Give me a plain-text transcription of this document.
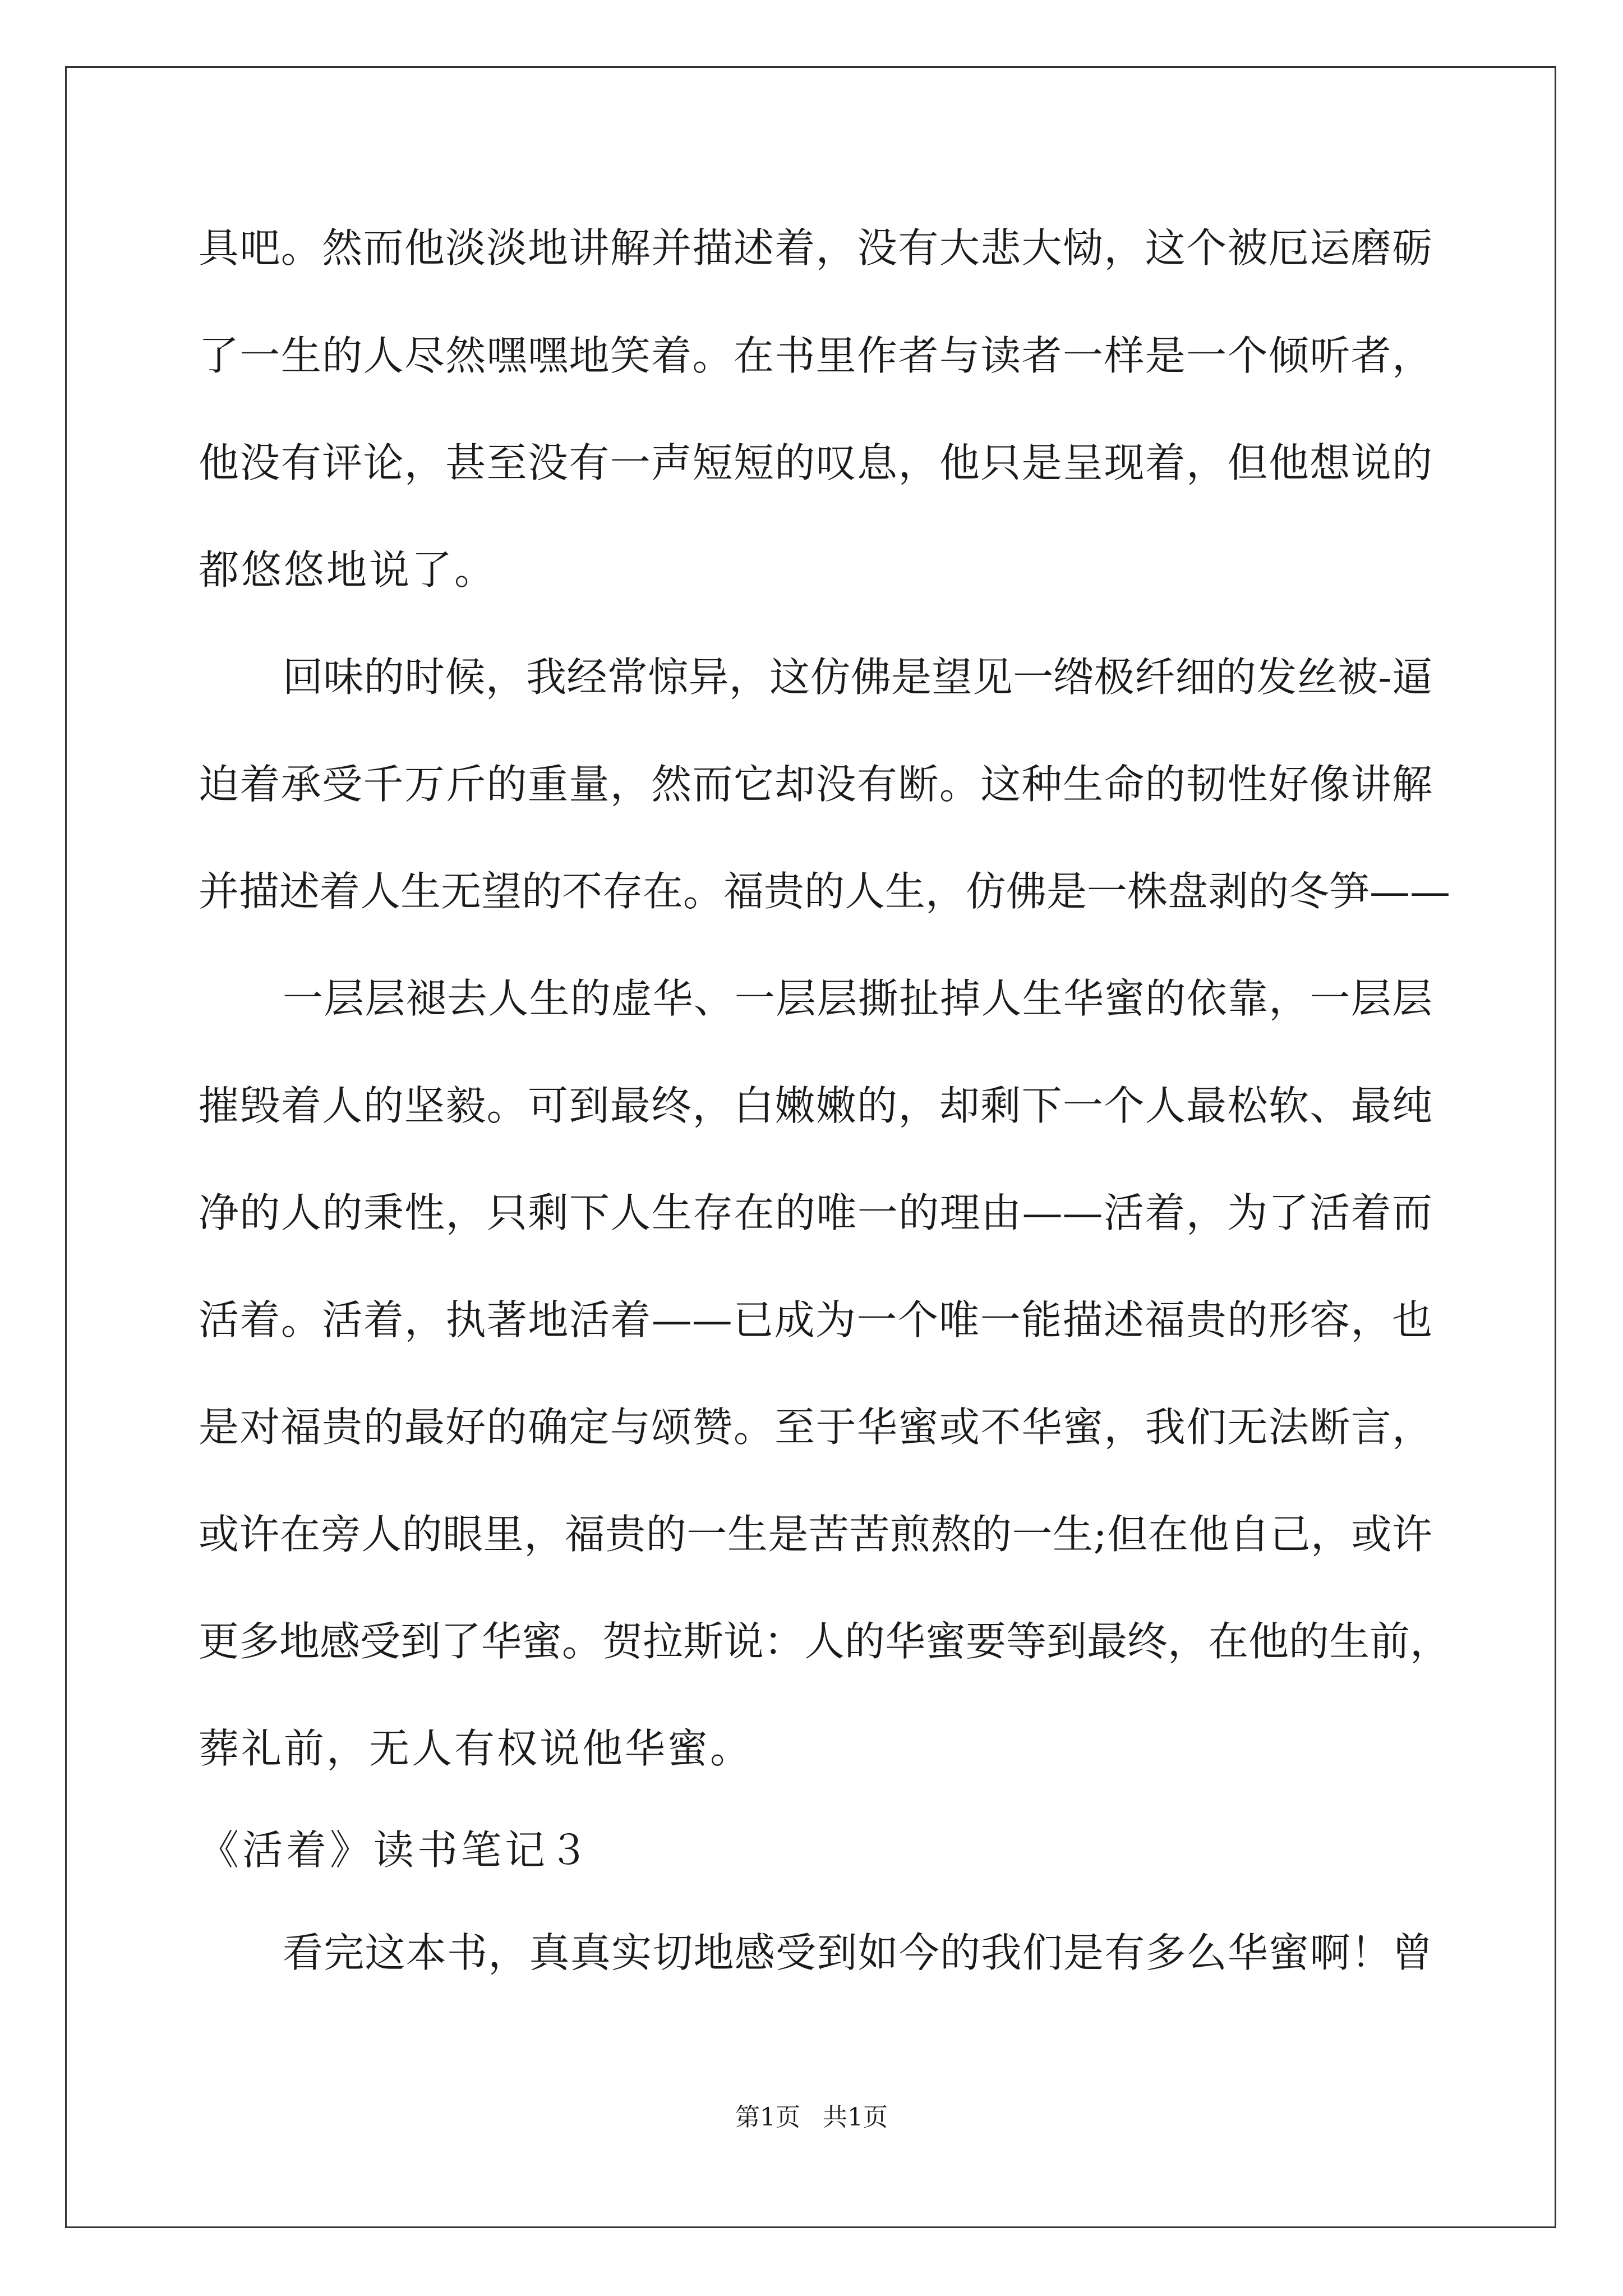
具吧。然而他淡淡地讲解并描述着，没有大悲大恸，这个被厄运磨砺
了一生的人尽然嘿嘿地笑着。在书里作者与读者一样是一个倾听者，
他没有评论，甚至没有一声短短的叹息，他只是呈现着，但他想说的
都悠悠地说了。
回味的时候，我经常惊异，这仿佛是望见一绺极纤细的发丝被-逼
迫着承受千万斤的重量，然而它却没有断。这种生命的韧性好像讲解
并描述着人生无望的不存在。福贵的人生，仿佛是一株盘剥的冬笋——
一层层褪去人生的虚华、一层层撕扯掉人生华蜜的依靠，一层层
摧毁着人的坚毅。可到最终，白嫩嫩的，却剩下一个人最松软、最纯
净的人的秉性，只剩下人生存在的唯一的理由——活着，为了活着而
活着。活着，执著地活着——已成为一个唯一能描述福贵的形容，也
是对福贵的最好的确定与颂赞。至于华蜜或不华蜜，我们无法断言，
或许在旁人的眼里，福贵的一生是苦苦煎熬的一生;但在他自己，或许
更多地感受到了华蜜。贺拉斯说：人的华蜜要等到最终，在他的生前，
葬礼前，无人有权说他华蜜。
《活着》读书笔记３
看完这本书，真真实切地感受到如今的我们是有多么华蜜啊！曾
第1页 共1页
